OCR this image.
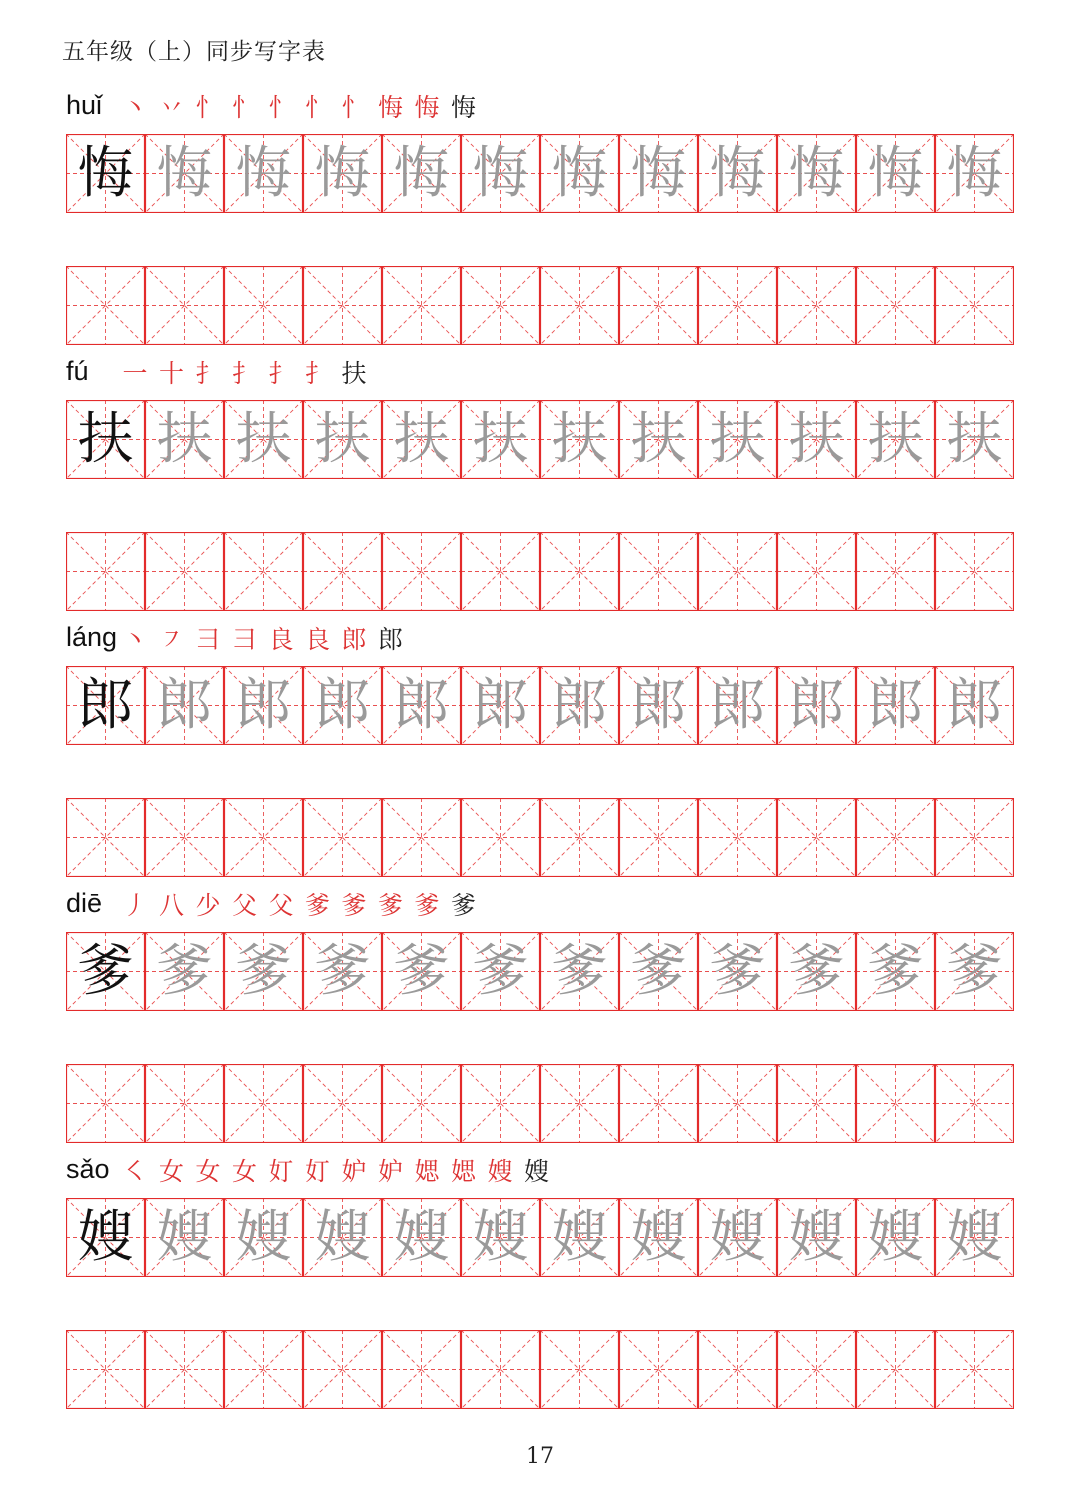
五年级（上）同步写字表
huǐ 丶 丷 忄 忄 忄 忄 忄 悔 悔 悔
悔 悔 悔 悔 悔 悔 悔 悔 悔 悔 悔 悔
fú 一 十 扌 扌 扌 扌 扶
扶 扶 扶 扶 扶 扶 扶 扶 扶 扶 扶 扶
láng 丶 ㇇ 彐 彐 良 良 郎 郎
郎 郎 郎 郎 郎 郎 郎 郎 郎 郎 郎 郎
diē 丿 八 少 父 父 爹 爹 爹 爹 爹
爹 爹 爹 爹 爹 爹 爹 爹 爹 爹 爹 爹
sǎo ㇛ 女 女 女 奵 奵 妒 妒 媤 媤 嫂 嫂
嫂 嫂 嫂 嫂 嫂 嫂 嫂 嫂 嫂 嫂 嫂 嫂
17
